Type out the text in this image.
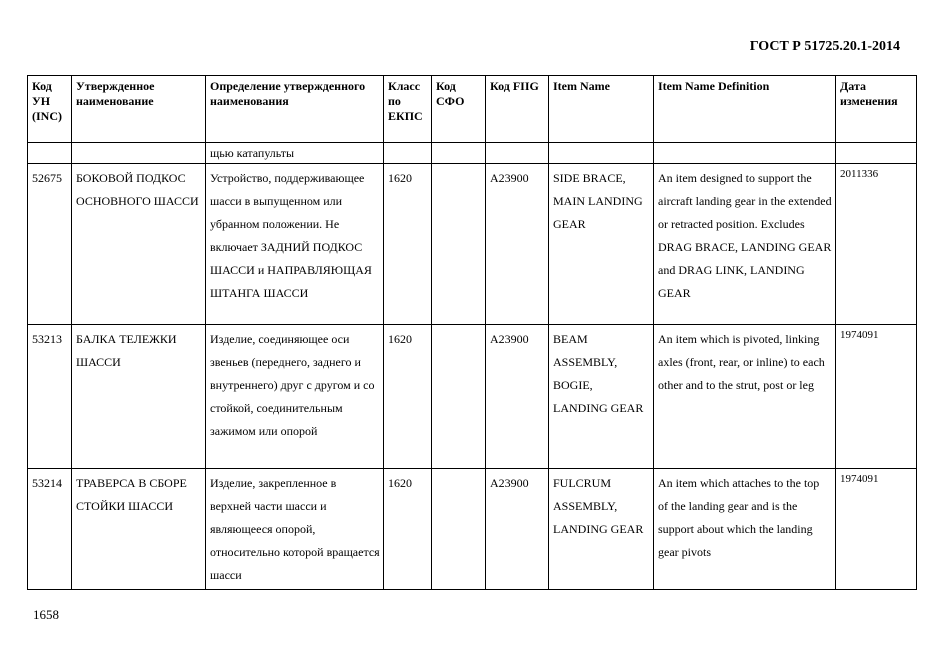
ГОСТ Р 51725.20.1-2014
Код УН (INC)	Утвержденное наименование	Определение утвержденного наименования	Класс по ЕКПС	Код СФО	Код FIIG	Item Name	Item Name Definition	Дата изменения
		щью катапульты						
52675	БОКОВОЙ ПОДКОС ОСНОВНОГО ШАССИ	Устройство, поддерживающее шасси в выпущенном или убранном положении. Не включает ЗАДНИЙ ПОДКОС ШАССИ и НАПРАВЛЯЮЩАЯ ШТАНГА ШАССИ	1620		A23900	SIDE BRACE, MAIN LANDING GEAR	An item designed to support the aircraft landing gear in the extended or retracted position. Excludes DRAG BRACE, LANDING GEAR and DRAG LINK, LANDING GEAR	2011336
53213	БАЛКА ТЕЛЕЖКИ ШАССИ	Изделие, соединяющее оси звеньев (переднего, заднего и внутреннего) друг с другом и со стойкой, соединительным зажимом или опорой	1620		A23900	BEAM ASSEMBLY, BOGIE, LANDING GEAR	An item which is pivoted, linking axles (front, rear, or inline) to each other and to the strut, post or leg	1974091
53214	ТРАВЕРСА В СБОРЕ СТОЙКИ ШАССИ	Изделие, закрепленное в верхней части шасси и являющееся опорой, относительно которой вращается шасси	1620		A23900	FULCRUM ASSEMBLY, LANDING GEAR	An item which attaches to the top of the landing gear and is the support about which the landing gear pivots	1974091
1658
